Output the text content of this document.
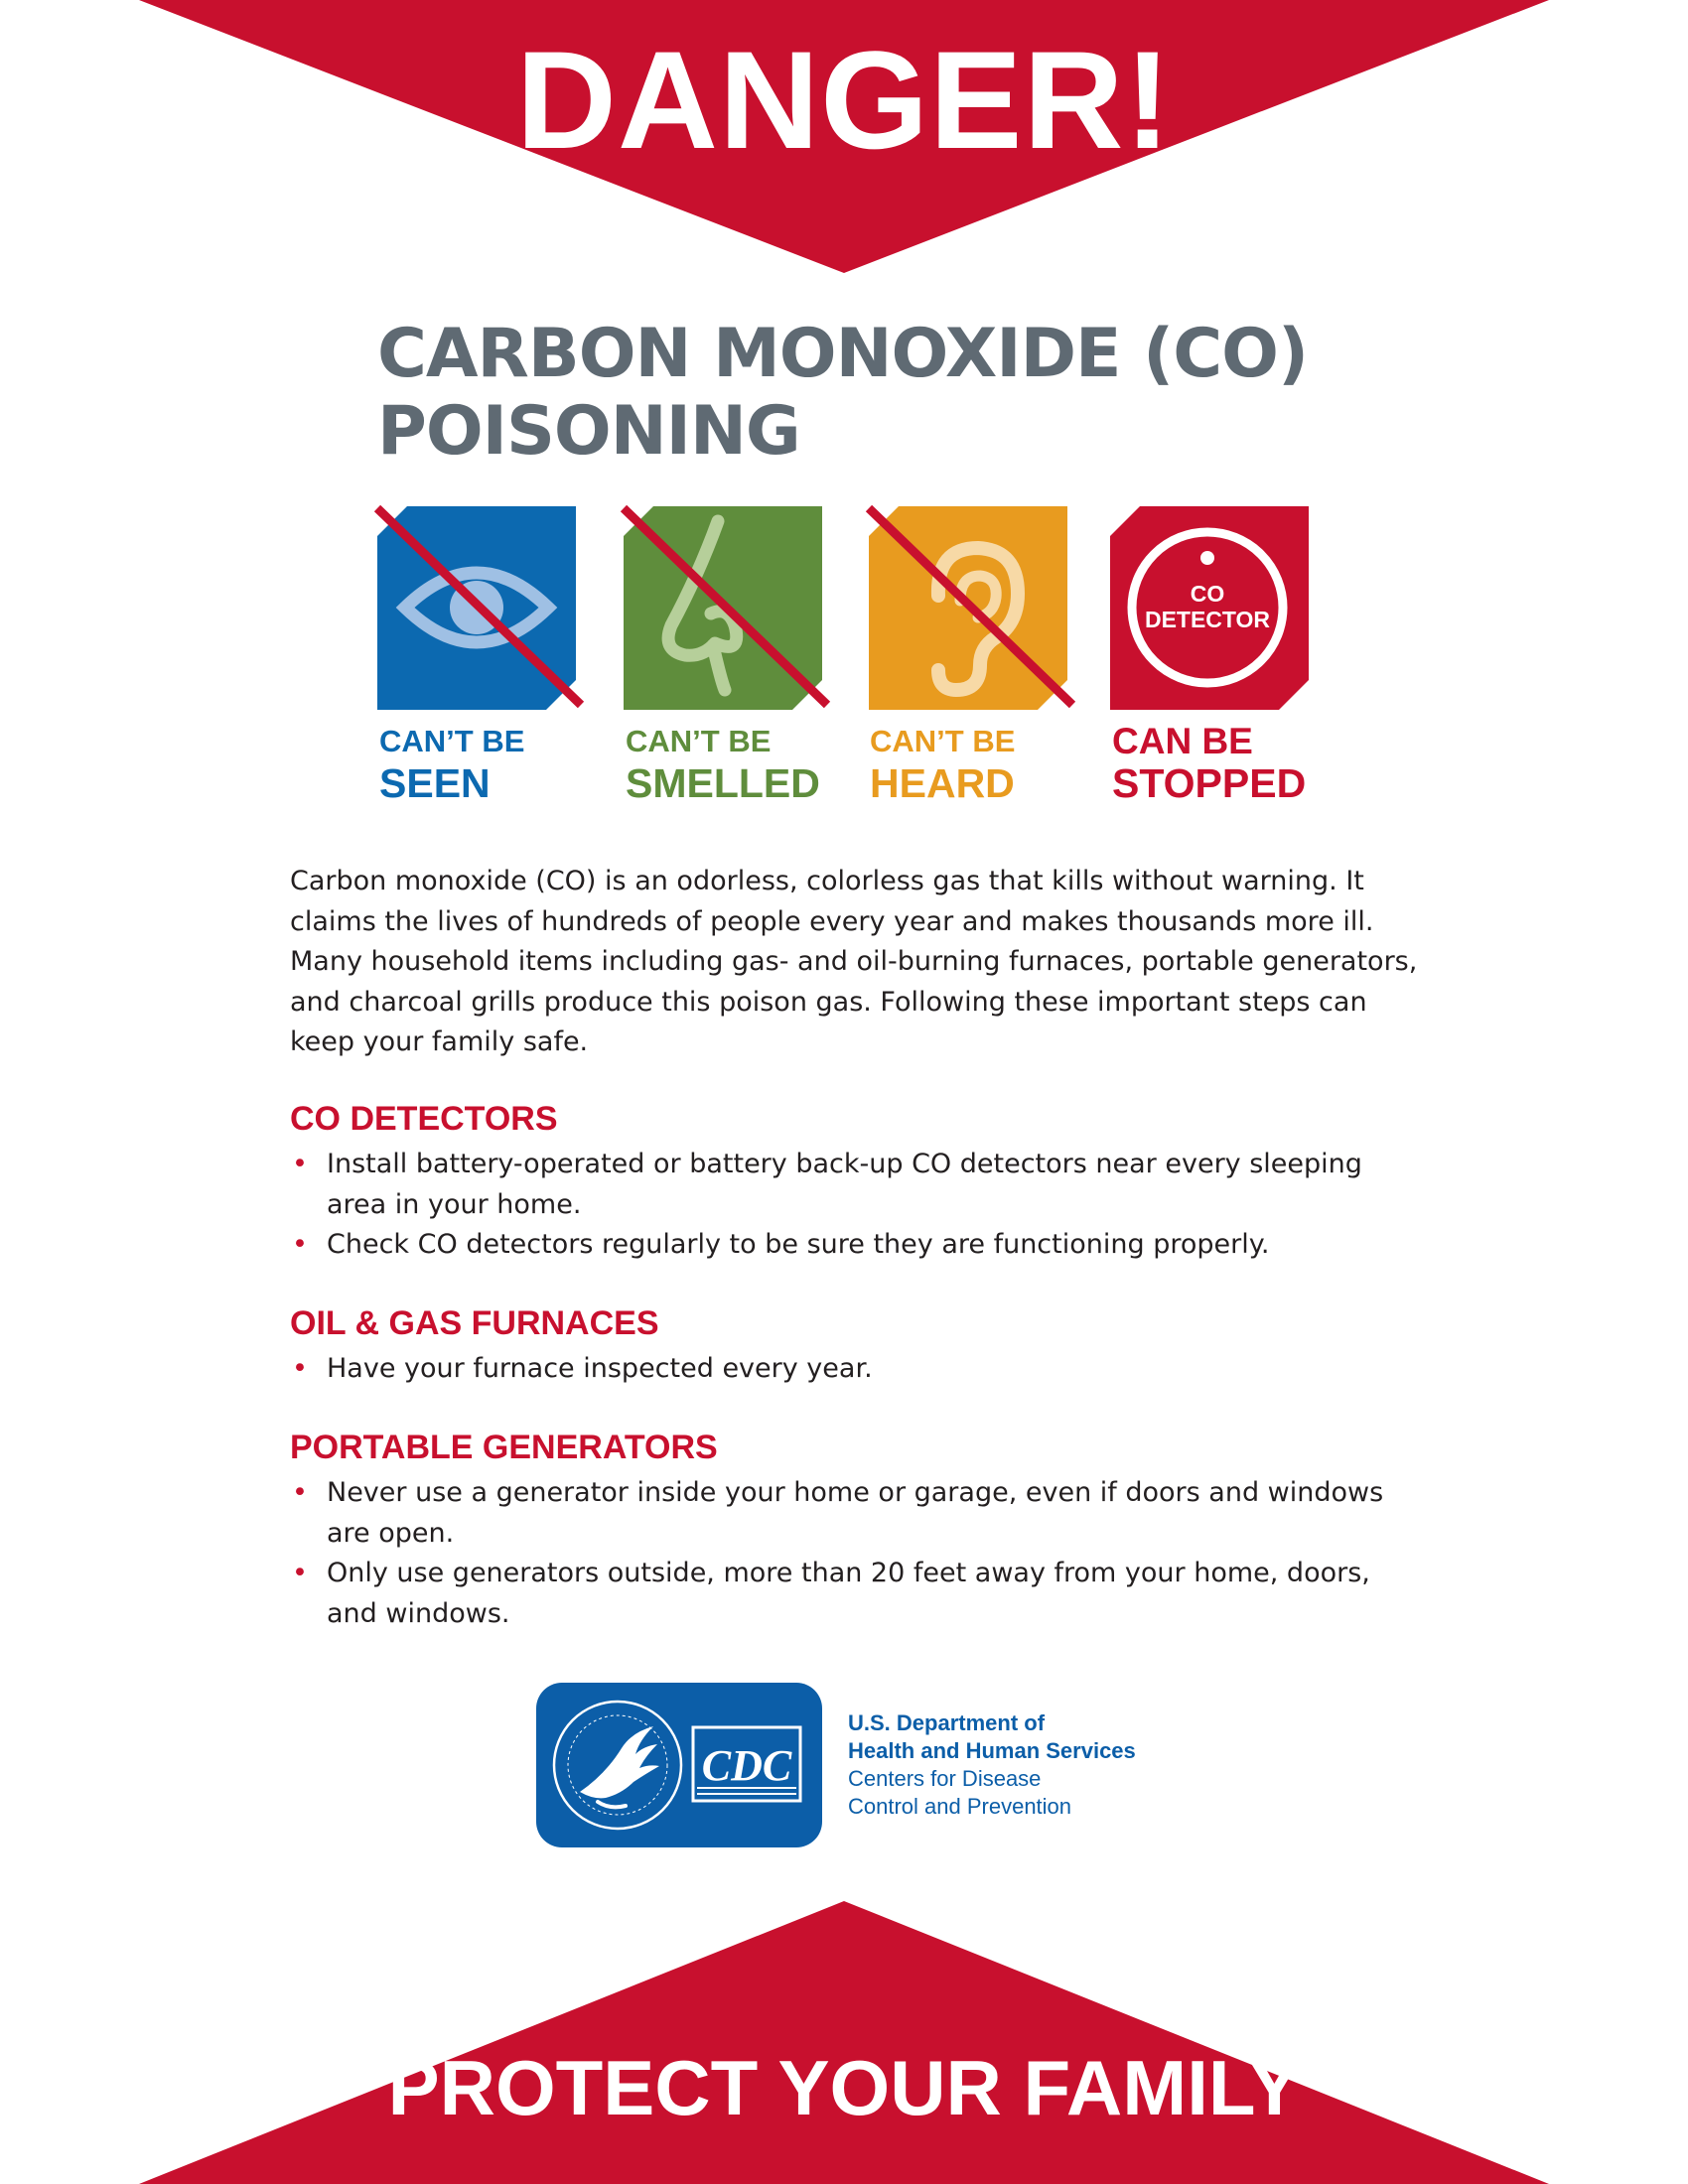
DANGER!
CARBON MONOXIDE (CO)
POISONING
CO
DETECTOR
CAN’T BE
SEEN
CAN’T BE
SMELLED
CAN’T BE
HEARD
CAN BE
STOPPED
Carbon monoxide (CO) is an odorless, colorless gas that kills without warning. It claims the lives of hundreds of people every year and makes thousands more ill. Many household items including gas- and oil-burning furnaces, portable generators, and charcoal grills produce this poison gas. Following these important steps can keep your family safe.
CO DETECTORS
• Install battery-operated or battery back-up CO detectors near every sleeping area in your home.
• Check CO detectors regularly to be sure they are functioning properly.
OIL & GAS FURNACES
• Have your furnace inspected every year.
PORTABLE GENERATORS
• Never use a generator inside your home or garage, even if doors and windows are open.
• Only use generators outside, more than 20 feet away from your home, doors, and windows.
CDC
U.S. Department of
Health and Human Services
Centers for Disease
Control and Prevention
PROTECT YOUR FAMILY
